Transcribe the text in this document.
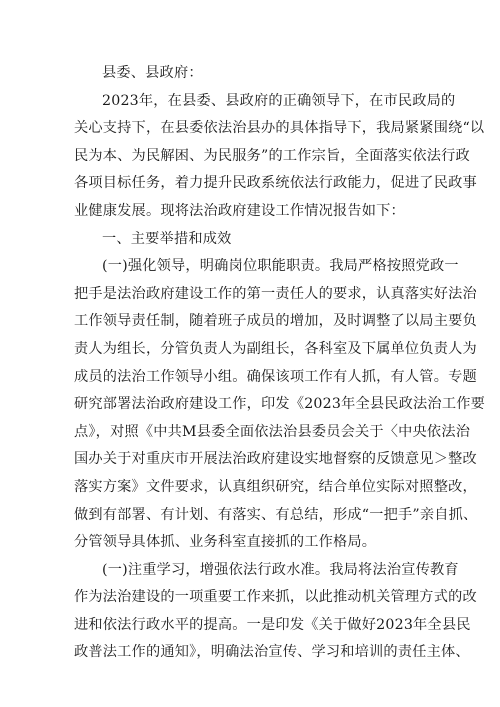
县委、县政府：
2023年，在县委、县政府的正确领导下，在市民政局的
关心支持下，在县委依法治县办的具体指导下，我局紧紧围绕“以
民为本、为民解困、为民服务”的工作宗旨，全面落实依法行政
各项目标任务，着力提升民政系统依法行政能力，促进了民政事
业健康发展。现将法治政府建设工作情况报告如下：
一、主要举措和成效
(一)强化领导，明确岗位职能职责。我局严格按照党政一
把手是法治政府建设工作的第一责任人的要求，认真落实好法治
工作领导责任制，随着班子成员的增加，及时调整了以局主要负
责人为组长，分管负责人为副组长，各科室及下属单位负责人为
成员的法治工作领导小组。确保该项工作有人抓，有人管。专题
研究部署法治政府建设工作，印发《2023年全县民政法治工作要
点》，对照《中共M县委全面依法治县委员会关于〈中央依法治
国办关于对重庆市开展法治政府建设实地督察的反馈意见＞整改
落实方案》文件要求，认真组织研究，结合单位实际对照整改，
做到有部署、有计划、有落实、有总结，形成“一把手”亲自抓、
分管领导具体抓、业务科室直接抓的工作格局。
(一)注重学习，增强依法行政水准。我局将法治宣传教育
作为法治建设的一项重要工作来抓，以此推动机关管理方式的改
进和依法行政水平的提高。一是印发《关于做好2023年全县民
政普法工作的通知》，明确法治宣传、学习和培训的责任主体、
